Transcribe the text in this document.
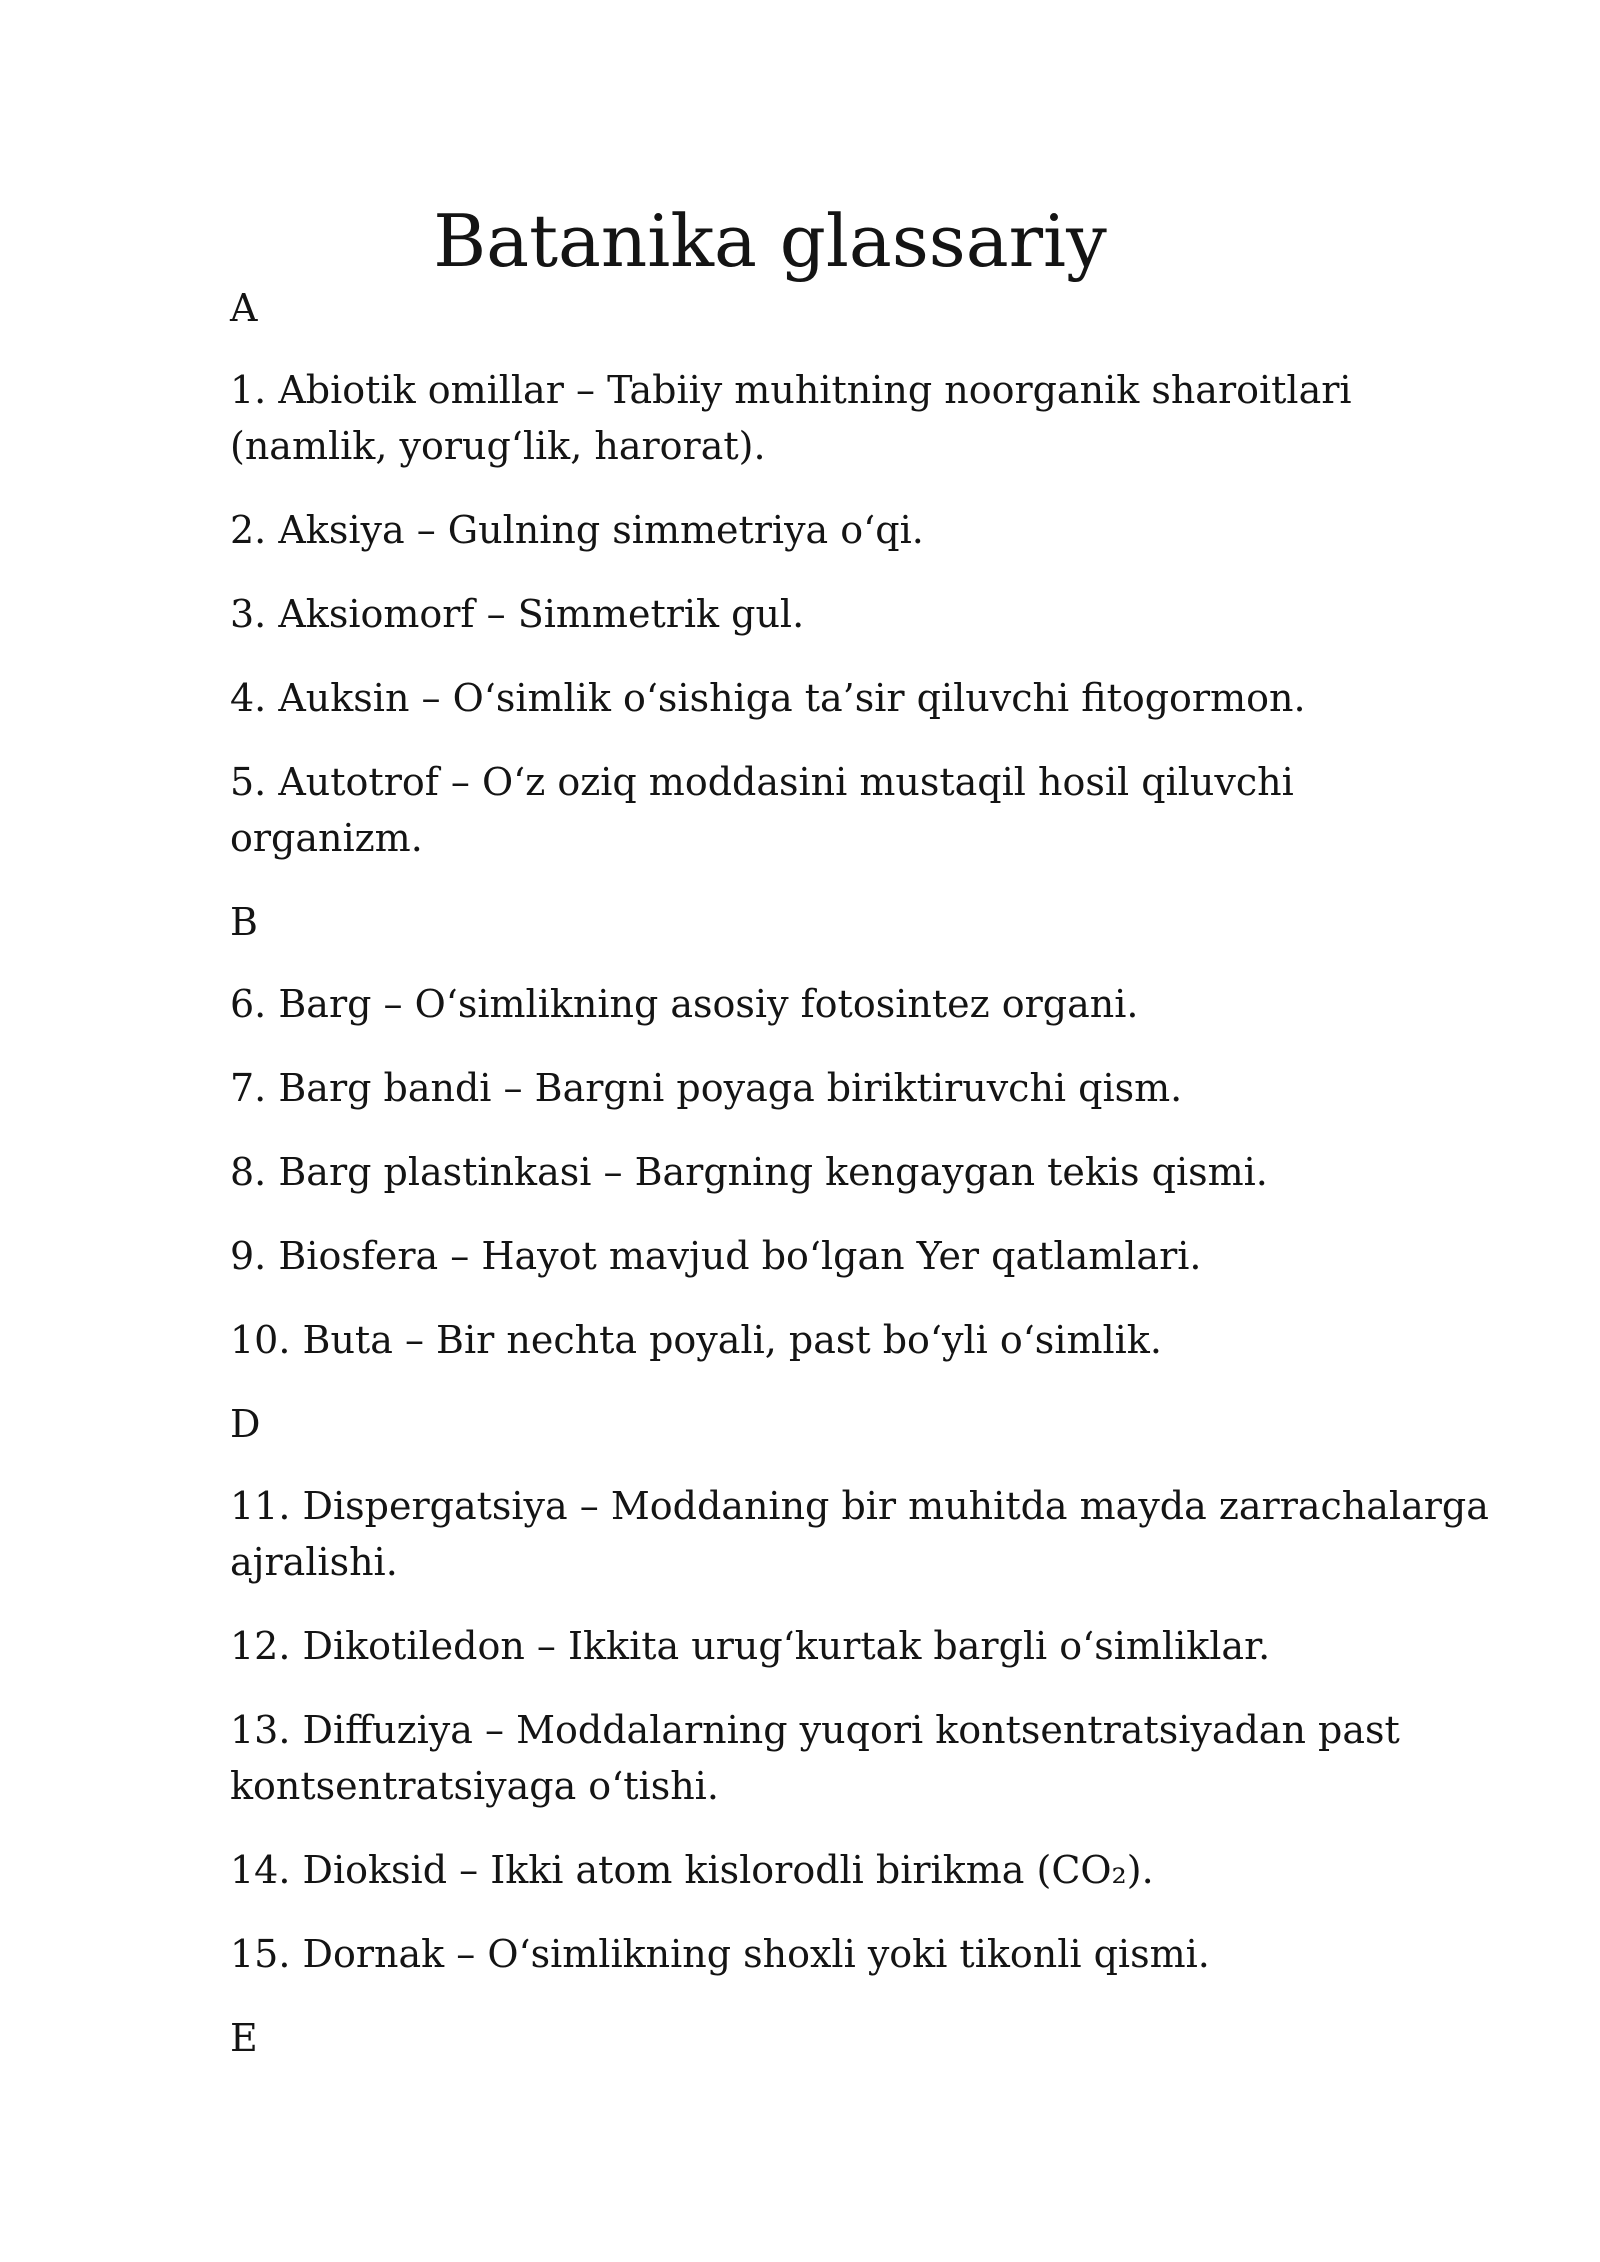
Batanika glassariy
A
1. Abiotik omillar – Tabiiy muhitning noorganik sharoitlari (namlik, yorug‘lik, harorat).
2. Aksiya – Gulning simmetriya o‘qi.
3. Aksiomorf – Simmetrik gul.
4. Auksin – O‘simlik o‘sishiga ta’sir qiluvchi fitogormon.
5. Autotrof – O‘z oziq moddasini mustaqil hosil qiluvchi organizm.
B
6. Barg – O‘simlikning asosiy fotosintez organi.
7. Barg bandi – Bargni poyaga biriktiruvchi qism.
8. Barg plastinkasi – Bargning kengaygan tekis qismi.
9. Biosfera – Hayot mavjud bo‘lgan Yer qatlamlari.
10. Buta – Bir nechta poyali, past bo‘yli o‘simlik.
D
11. Dispergatsiya – Moddaning bir muhitda mayda zarrachalarga ajralishi.
12. Dikotiledon – Ikkita urug‘kurtak bargli o‘simliklar.
13. Diffuziya – Moddalarning yuqori kontsentratsiyadan past kontsentratsiyaga o‘tishi.
14. Dioksid – Ikki atom kislorodli birikma (CO₂).
15. Dornak – O‘simlikning shoxli yoki tikonli qismi.
E
